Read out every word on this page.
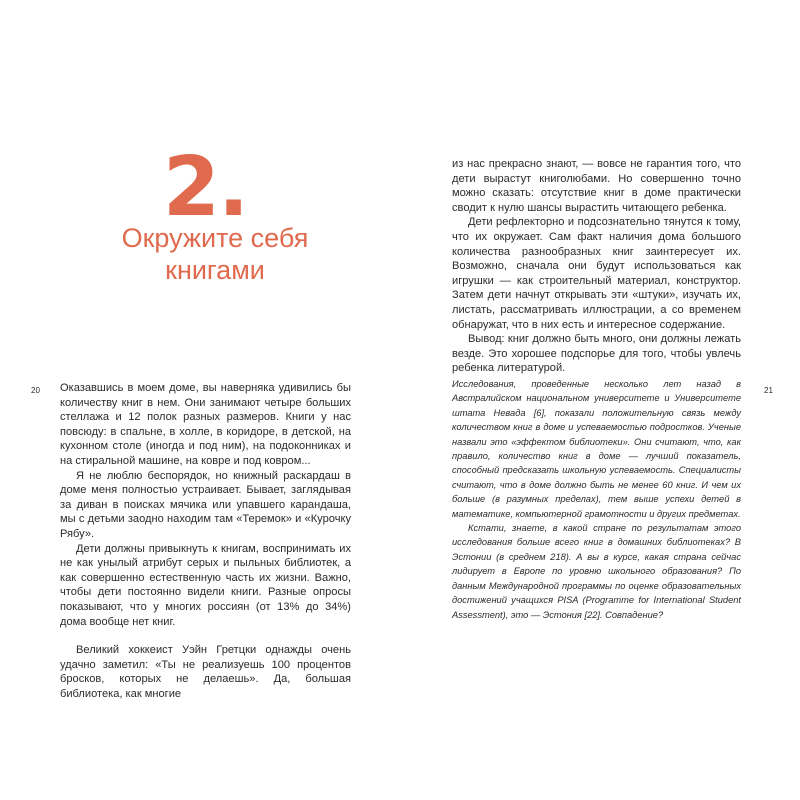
2.
Окружите себя
книгами
20 Оказавшись в моем доме, вы наверняка удивились бы количеству книг в нем. Они занимают четыре больших стеллажа и 12 полок разных размеров. Книги у нас повсюду: в спальне, в холле, в коридоре, в детской, на кухонном столе (иногда и под ним), на подоконниках и на стиральной машине, на ковре и под ковром...

Я не люблю беспорядок, но книжный раскардаш в доме меня полностью устраивает. Бывает, заглядывая за диван в поисках мячика или упавшего карандаша, мы с детьми заодно находим там «Теремок» и «Курочку Рябу».

Дети должны привыкнуть к книгам, воспринимать их не как унылый атрибут серых и пыльных библиотек, а как совершенно естественную часть их жизни. Важно, чтобы дети постоянно видели книги. Разные опросы показывают, что у многих россиян (от 13% до 34%) дома вообще нет книг.

Великий хоккеист Уэйн Гретцки однажды очень удачно заметил: «Ты не реализуешь 100 процентов бросков, которых не делаешь». Да, большая библиотека, как многие

из нас прекрасно знают, — вовсе не гарантия того, что дети вырастут книголюбами. Но совершенно точно можно сказать: отсутствие книг в доме практически сводит к нулю шансы вырастить читающего ребенка.

Дети рефлекторно и подсознательно тянутся к тому, что их окружает. Сам факт наличия дома большого количества разнообразных книг заинтересует их. Возможно, сначала они будут использоваться как игрушки — как строительный материал, конструктор. Затем дети начнут открывать эти «штуки», изучать их, листать, рассматривать иллюстрации, а со временем обнаружат, что в них есть и интересное содержание.

Вывод: книг должно быть много, они должны лежать везде. Это хорошее подспорье для того, чтобы увлечь ребенка литературой.

21

Исследования, проведенные несколько лет назад в Австралийском национальном университете и Университете штата Невада [6], показали положительную связь между количеством книг в доме и успеваемостью подростков. Ученые назвали это «эффектом библиотеки». Они считают, что, как правило, количество книг в доме — лучший показатель, способный предсказать школьную успеваемость. Специалисты считают, что в доме должно быть не менее 60 книг. И чем их больше (в разумных пределах), тем выше успехи детей в математике, компьютерной грамотности и других предметах.

Кстати, знаете, в какой стране по результатам этого исследования больше всего книг в домашних библиотеках? В Эстонии (в среднем 218). А вы в курсе, какая страна сейчас лидирует в Европе по уровню школьного образования? По данным Международной программы по оценке образовательных достижений учащихся PISA (Programme for International Student Assessment), это — Эстония [22]. Совпадение?
